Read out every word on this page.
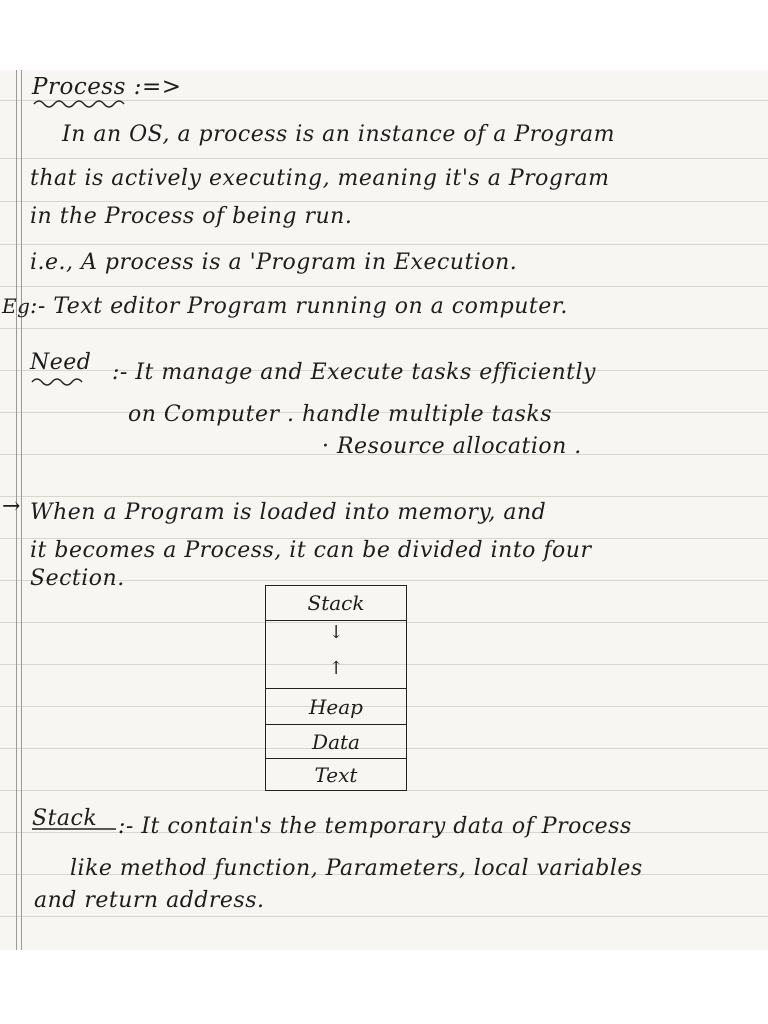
Process :=>
In an OS, a process is an instance of a Program
that is actively executing, meaning it's a Program
in the Process of being run.
i.e., A process is a 'Program in Execution.
Eg :- Text editor Program running on a computer.
Need :- It manage and Execute tasks efficiently
on Computer . handle multiple tasks
· Resource allocation .
→ When a Program is loaded into memory, and
it becomes a Process, it can be divided into four
Section.
Stack
↓
↑
Heap
Data
Text
Stack :- It contain's the temporary data of Process
like method function, Parameters, local variables
and return address.
